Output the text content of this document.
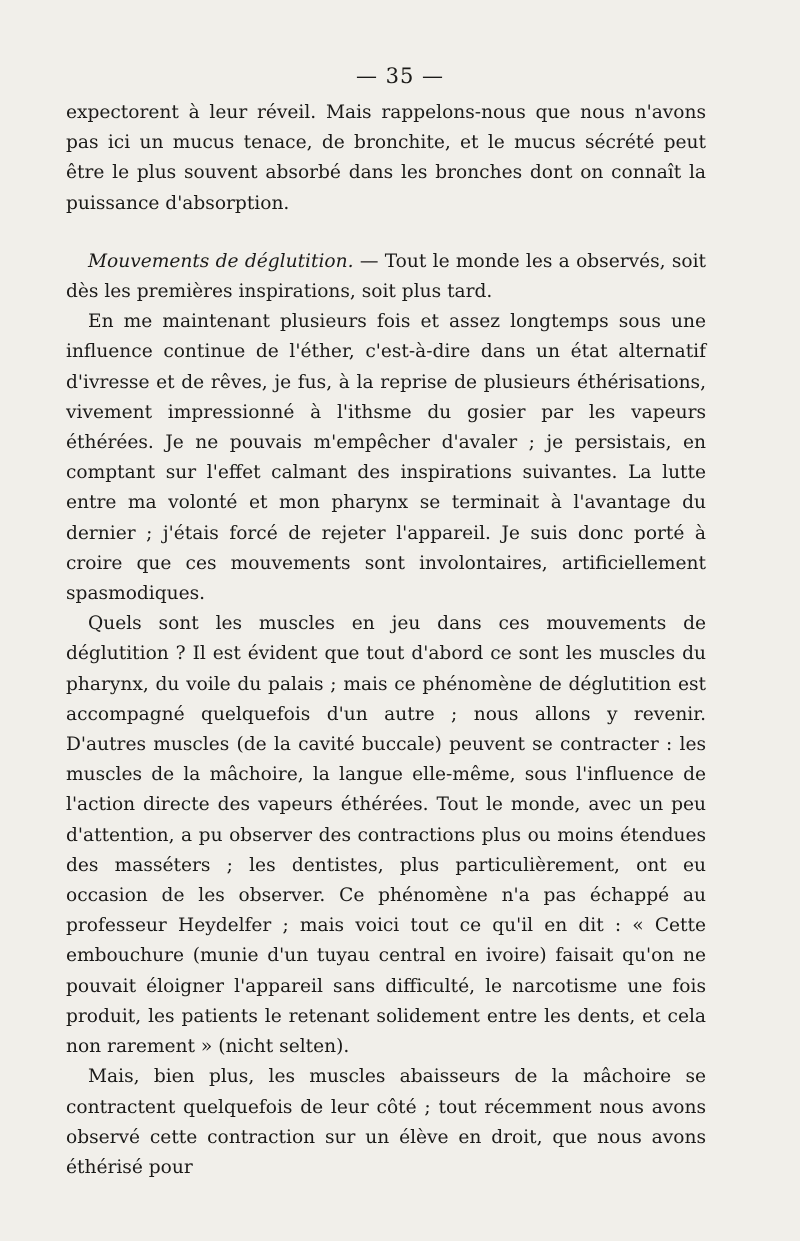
— 35 —

expectorent à leur réveil. Mais rappelons-nous que nous n'avons pas ici un mucus tenace, de bronchite, et le mucus sécrété peut être le plus souvent absorbé dans les bronches dont on connaît la puissance d'absorption.

Mouvements de déglutition. — Tout le monde les a observés, soit dès les premières inspirations, soit plus tard.

En me maintenant plusieurs fois et assez longtemps sous une influence continue de l'éther, c'est-à-dire dans un état alternatif d'ivresse et de rêves, je fus, à la reprise de plusieurs éthérisations, vivement impressionné à l'ithsme du gosier par les vapeurs éthérées. Je ne pouvais m'empêcher d'avaler ; je persistais, en comptant sur l'effet calmant des inspirations suivantes. La lutte entre ma volonté et mon pharynx se terminait à l'avantage du dernier ; j'étais forcé de rejeter l'appareil. Je suis donc porté à croire que ces mouvements sont involontaires, artificiellement spasmodiques.

Quels sont les muscles en jeu dans ces mouvements de déglutition ? Il est évident que tout d'abord ce sont les muscles du pharynx, du voile du palais ; mais ce phénomène de déglutition est accompagné quelquefois d'un autre ; nous allons y revenir. D'autres muscles (de la cavité buccale) peuvent se contracter : les muscles de la mâchoire, la langue elle-même, sous l'influence de l'action directe des vapeurs éthérées. Tout le monde, avec un peu d'attention, a pu observer des contractions plus ou moins étendues des masséters ; les dentistes, plus particulièrement, ont eu occasion de les observer. Ce phénomène n'a pas échappé au professeur Heydelfer ; mais voici tout ce qu'il en dit : « Cette embouchure (munie d'un tuyau central en ivoire) faisait qu'on ne pouvait éloigner l'appareil sans difficulté, le narcotisme une fois produit, les patients le retenant solidement entre les dents, et cela non rarement » (nicht selten).

Mais, bien plus, les muscles abaisseurs de la mâchoire se contractent quelquefois de leur côté ; tout récemment nous avons observé cette contraction sur un élève en droit, que nous avons éthérisé pour
